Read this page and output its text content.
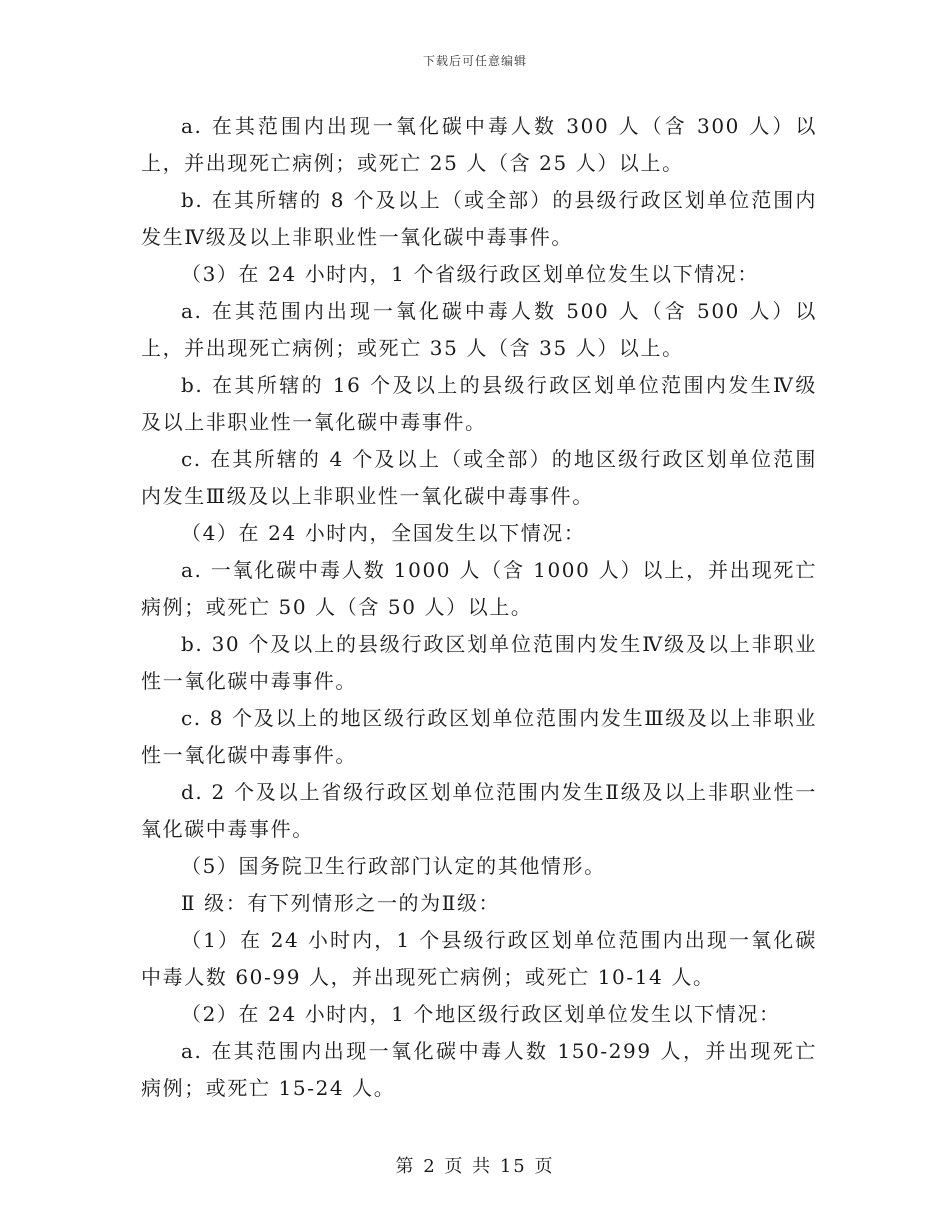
下载后可任意编辑

a. 在其范围内出现一氧化碳中毒人数 300 人（含 300 人）以上，并出现死亡病例；或死亡 25 人（含 25 人）以上。

b. 在其所辖的 8 个及以上（或全部）的县级行政区划单位范围内发生Ⅳ级及以上非职业性一氧化碳中毒事件。

（3）在 24 小时内，1 个省级行政区划单位发生以下情况：

a. 在其范围内出现一氧化碳中毒人数 500 人（含 500 人）以上，并出现死亡病例；或死亡 35 人（含 35 人）以上。

b. 在其所辖的 16 个及以上的县级行政区划单位范围内发生Ⅳ级及以上非职业性一氧化碳中毒事件。

c. 在其所辖的 4 个及以上（或全部）的地区级行政区划单位范围内发生Ⅲ级及以上非职业性一氧化碳中毒事件。

（4）在 24 小时内，全国发生以下情况：

a. 一氧化碳中毒人数 1000 人（含 1000 人）以上，并出现死亡病例；或死亡 50 人（含 50 人）以上。

b. 30 个及以上的县级行政区划单位范围内发生Ⅳ级及以上非职业性一氧化碳中毒事件。

c. 8 个及以上的地区级行政区划单位范围内发生Ⅲ级及以上非职业性一氧化碳中毒事件。

d. 2 个及以上省级行政区划单位范围内发生Ⅱ级及以上非职业性一氧化碳中毒事件。

（5）国务院卫生行政部门认定的其他情形。

Ⅱ 级：有下列情形之一的为Ⅱ级：

（1）在 24 小时内，1 个县级行政区划单位范围内出现一氧化碳中毒人数 60-99 人，并出现死亡病例；或死亡 10-14 人。

（2）在 24 小时内，1 个地区级行政区划单位发生以下情况：

a. 在其范围内出现一氧化碳中毒人数 150-299 人，并出现死亡病例；或死亡 15-24 人。

第 2 页 共 15 页
